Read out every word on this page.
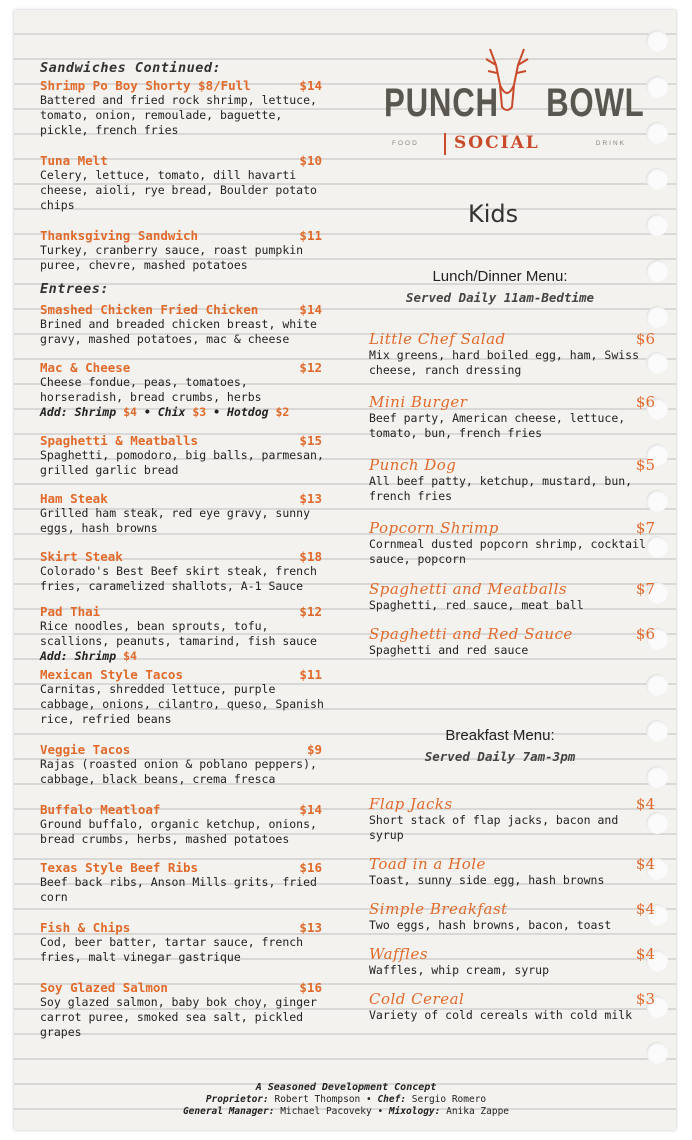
Sandwiches Continued:
Shrimp Po Boy Shorty $8/Full	$14
Battered and fried rock shrimp, lettuce, tomato, onion, remoulade, baguette, pickle, french fries
Tuna Melt	$10
Celery, lettuce, tomato, dill havarti cheese, aioli, rye bread, Boulder potato chips
Thanksgiving Sandwich	$11
Turkey, cranberry sauce, roast pumpkin puree, chevre, mashed potatoes
Entrees:
Smashed Chicken Fried Chicken	$14
Brined and breaded chicken breast, white gravy, mashed potatoes, mac & cheese
Mac & Cheese	$12
Cheese fondue, peas, tomatoes, horseradish, bread crumbs, herbs
Add: Shrimp $4 • Chix $3 • Hotdog $2
Spaghetti & Meatballs	$15
Spaghetti, pomodoro, big balls, parmesan, grilled garlic bread
Ham Steak	$13
Grilled ham steak, red eye gravy, sunny eggs, hash browns
Skirt Steak	$18
Colorado's Best Beef skirt steak, french fries, caramelized shallots, A-1 Sauce
Pad Thai	$12
Rice noodles, bean sprouts, tofu, scallions, peanuts, tamarind, fish sauce
Add: Shrimp $4
Mexican Style Tacos	$11
Carnitas, shredded lettuce, purple cabbage, onions, cilantro, queso, Spanish rice, refried beans
Veggie Tacos	$9
Rajas (roasted onion & poblano peppers), cabbage, black beans, crema fresca
Buffalo Meatloaf	$14
Ground buffalo, organic ketchup, onions, bread crumbs, herbs, mashed potatoes
Texas Style Beef Ribs	$16
Beef back ribs, Anson Mills grits, fried corn
Fish & Chips	$13
Cod, beer batter, tartar sauce, french fries, malt vinegar gastrique
Soy Glazed Salmon	$16
Soy glazed salmon, baby bok choy, ginger carrot puree, smoked sea salt, pickled grapes
PUNCH BOWL
FOOD SOCIAL	DRINK
Kids
Lunch/Dinner Menu:
Served Daily 11am-Bedtime
Little Chef Salad	$6
Mix greens, hard boiled egg, ham, Swiss cheese, ranch dressing
Mini Burger	$6
Beef party, American cheese, lettuce, tomato, bun, french fries
Punch Dog	$5
All beef patty, ketchup, mustard, bun, french fries
Popcorn Shrimp	$7
Cornmeal dusted popcorn shrimp, cocktail sauce, popcorn
Spaghetti and Meatballs	$7
Spaghetti, red sauce, meat ball
Spaghetti and Red Sauce	$6
Spaghetti and red sauce
Breakfast Menu:
Served Daily 7am-3pm
Flap Jacks	$4
Short stack of flap jacks, bacon and syrup
Toad in a Hole	$4
Toast, sunny side egg, hash browns
Simple Breakfast	$4
Two eggs, hash browns, bacon, toast
Waffles	$4
Waffles, whip cream, syrup
Cold Cereal	$3
Variety of cold cereals with cold milk
A Seasoned Development Concept
Proprietor: Robert Thompson • Chef: Sergio Romero
General Manager: Michael Pacoveky • Mixology: Anika Zappe
